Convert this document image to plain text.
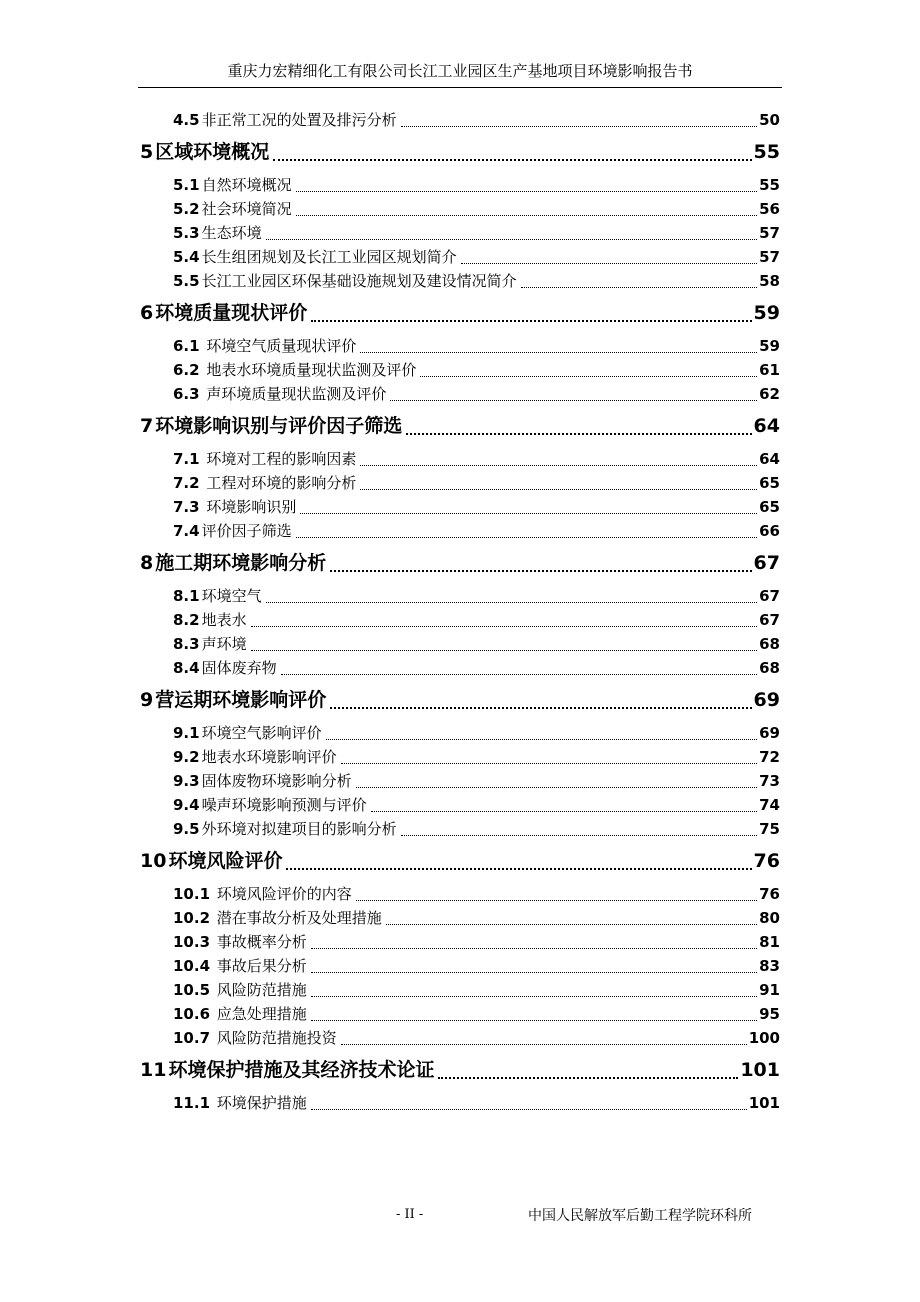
重庆力宏精细化工有限公司长江工业园区生产基地项目环境影响报告书
4.5 非正常工况的处置及排污分析	50
5 区域环境概况	55
5.1 自然环境概况	55
5.2 社会环境简况	56
5.3 生态环境	57
5.4 长生组团规划及长江工业园区规划简介	57
5.5 长江工业园区环保基础设施规划及建设情况简介	58
6 环境质量现状评价	59
6.1 环境空气质量现状评价	59
6.2 地表水环境质量现状监测及评价	61
6.3 声环境质量现状监测及评价	62
7 环境影响识别与评价因子筛选	64
7.1 环境对工程的影响因素	64
7.2 工程对环境的影响分析	65
7.3 环境影响识别	65
7.4 评价因子筛选	66
8 施工期环境影响分析	67
8.1 环境空气	67
8.2 地表水	67
8.3 声环境	68
8.4 固体废弃物	68
9 营运期环境影响评价	69
9.1 环境空气影响评价	69
9.2 地表水环境影响评价	72
9.3 固体废物环境影响分析	73
9.4 噪声环境影响预测与评价	74
9.5 外环境对拟建项目的影响分析	75
10 环境风险评价	76
10.1 环境风险评价的内容	76
10.2 潜在事故分析及处理措施	80
10.3 事故概率分析	81
10.4 事故后果分析	83
10.5 风险防范措施	91
10.6 应急处理措施	95
10.7 风险防范措施投资	100
11 环境保护措施及其经济技术论证	101
11.1 环境保护措施	101
- II -	中国人民解放军后勤工程学院环科所
